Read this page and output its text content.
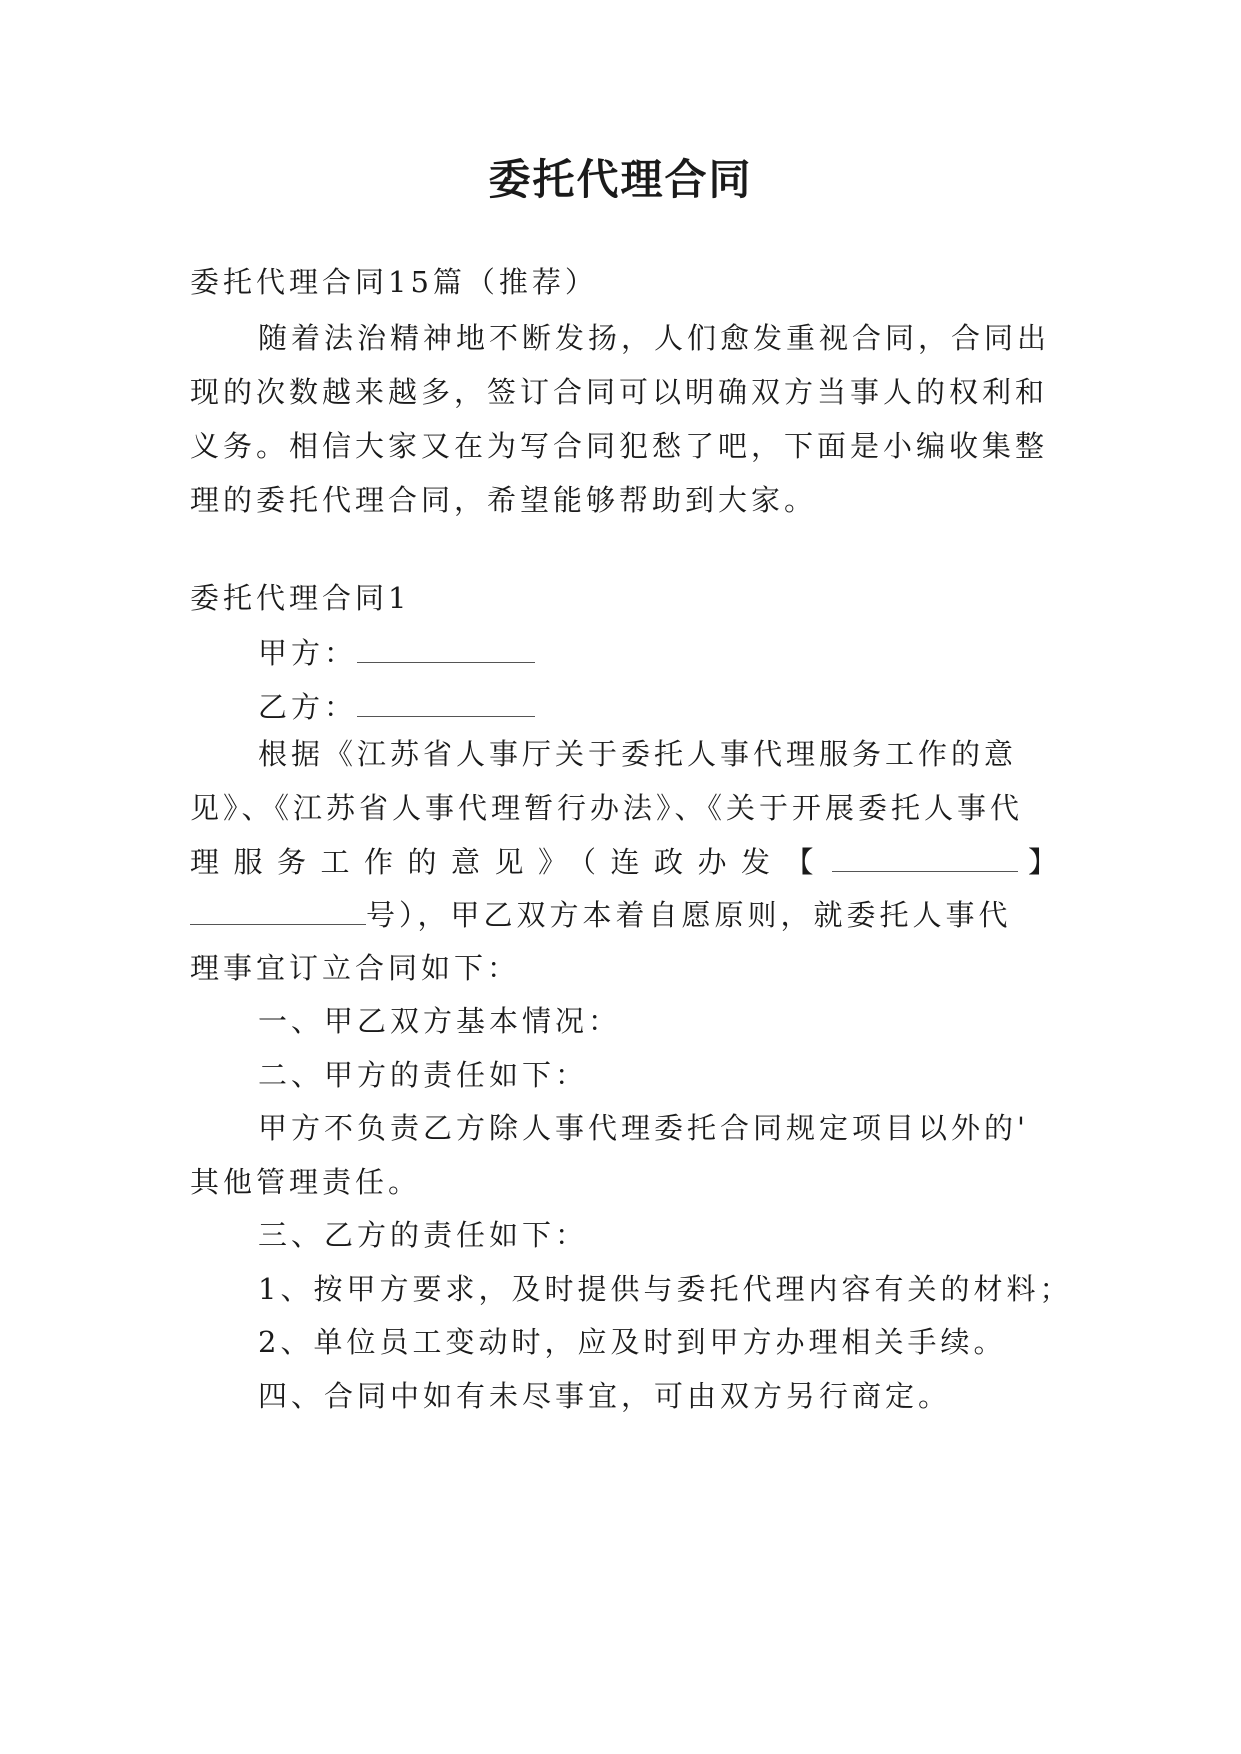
委托代理合同
委托代理合同15篇（推荐）
随着法治精神地不断发扬，人们愈发重视合同，合同出
现的次数越来越多，签订合同可以明确双方当事人的权利和
义务。相信大家又在为写合同犯愁了吧，下面是小编收集整
理的委托代理合同，希望能够帮助到大家。
委托代理合同1
甲方：
乙方：
根据《江苏省人事厅关于委托人事代理服务工作的意
见》、《江苏省人事代理暂行办法》、《关于开展委托人事代
理服务工作的意见》（连政办发【	】
号），甲乙双方本着自愿原则，就委托人事代
理事宜订立合同如下：
一、甲乙双方基本情况：
二、甲方的责任如下：
甲方不负责乙方除人事代理委托合同规定项目以外的'
其他管理责任。
三、乙方的责任如下：
1、按甲方要求，及时提供与委托代理内容有关的材料；
2、单位员工变动时，应及时到甲方办理相关手续。
四、合同中如有未尽事宜，可由双方另行商定。
